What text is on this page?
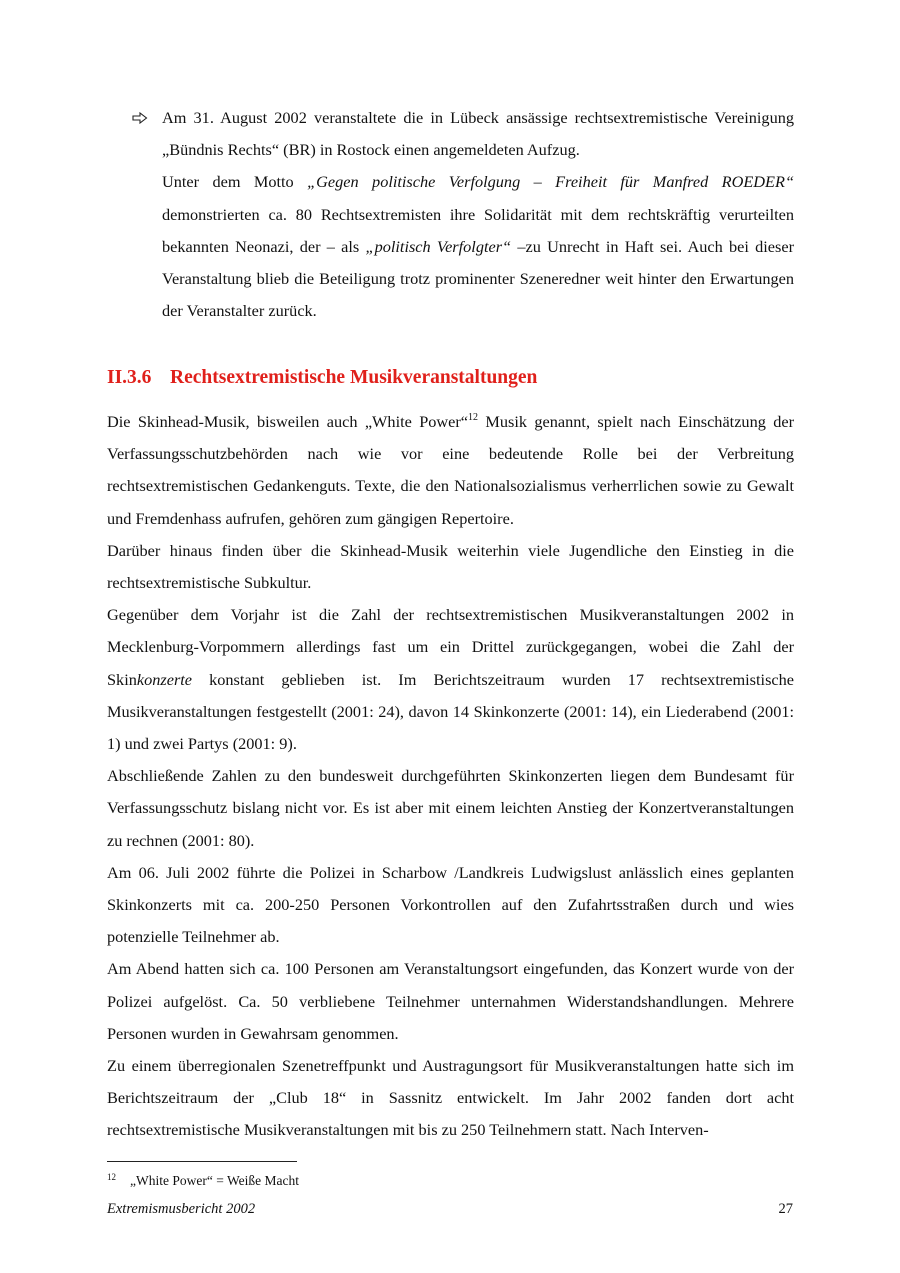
Am 31. August 2002 veranstaltete die in Lübeck ansässige rechtsextremistische Vereinigung „Bündnis Rechts“ (BR) in Rostock einen angemeldeten Aufzug.
Unter dem Motto „Gegen politische Verfolgung – Freiheit für Manfred ROEDER“ demonstrierten ca. 80 Rechtsextremisten ihre Solidarität mit dem rechtskräftig verurteilten bekannten Neonazi, der – als „politisch Verfolgter“ –zu Unrecht in Haft sei. Auch bei dieser Veranstaltung blieb die Beteiligung trotz prominenter Szeneredner weit hinter den Erwartungen der Veranstalter zurück.
II.3.6 Rechtsextremistische Musikveranstaltungen

Die Skinhead-Musik, bisweilen auch „White Power“$^{12}$ Musik genannt, spielt nach Einschätzung der Verfassungsschutzbehörden nach wie vor eine bedeutende Rolle bei der Verbreitung rechtsextremistischen Gedankenguts. Texte, die den Nationalsozialismus verherrlichen sowie zu Gewalt und Fremdenhass aufrufen, gehören zum gängigen Repertoire.

Darüber hinaus finden über die Skinhead-Musik weiterhin viele Jugendliche den Einstieg in die rechtsextremistische Subkultur.

Gegenüber dem Vorjahr ist die Zahl der rechtsextremistischen Musikveranstaltungen 2002 in Mecklenburg-Vorpommern allerdings fast um ein Drittel zurückgegangen, wobei die Zahl der Skinkonzerte konstant geblieben ist. Im Berichtszeitraum wurden 17 rechtsextremistische Musikveranstaltungen festgestellt (2001: 24), davon 14 Skinkonzerte (2001: 14), ein Liederabend (2001: 1) und zwei Partys (2001: 9).

Abschließende Zahlen zu den bundesweit durchgeführten Skinkonzerten liegen dem Bundesamt für Verfassungsschutz bislang nicht vor. Es ist aber mit einem leichten Anstieg der Konzertveranstaltungen zu rechnen (2001: 80).

Am 06. Juli 2002 führte die Polizei in Scharbow /Landkreis Ludwigslust anlässlich eines geplanten Skinkonzerts mit ca. 200-250 Personen Vorkontrollen auf den Zufahrtsstraßen durch und wies potenzielle Teilnehmer ab.

Am Abend hatten sich ca. 100 Personen am Veranstaltungsort eingefunden, das Konzert wurde von der Polizei aufgelöst. Ca. 50 verbliebene Teilnehmer unternahmen Widerstandshandlungen. Mehrere Personen wurden in Gewahrsam genommen.

Zu einem überregionalen Szenetreffpunkt und Austragungsort für Musikveranstaltungen hatte sich im Berichtszeitraum der „Club 18“ in Sassnitz entwickelt. Im Jahr 2002 fanden dort acht rechtsextremistische Musikveranstaltungen mit bis zu 250 Teilnehmern statt. Nach Interven-

$^{12}$ „White Power“ = Weiße Macht
Extremismusbericht 2002	27
